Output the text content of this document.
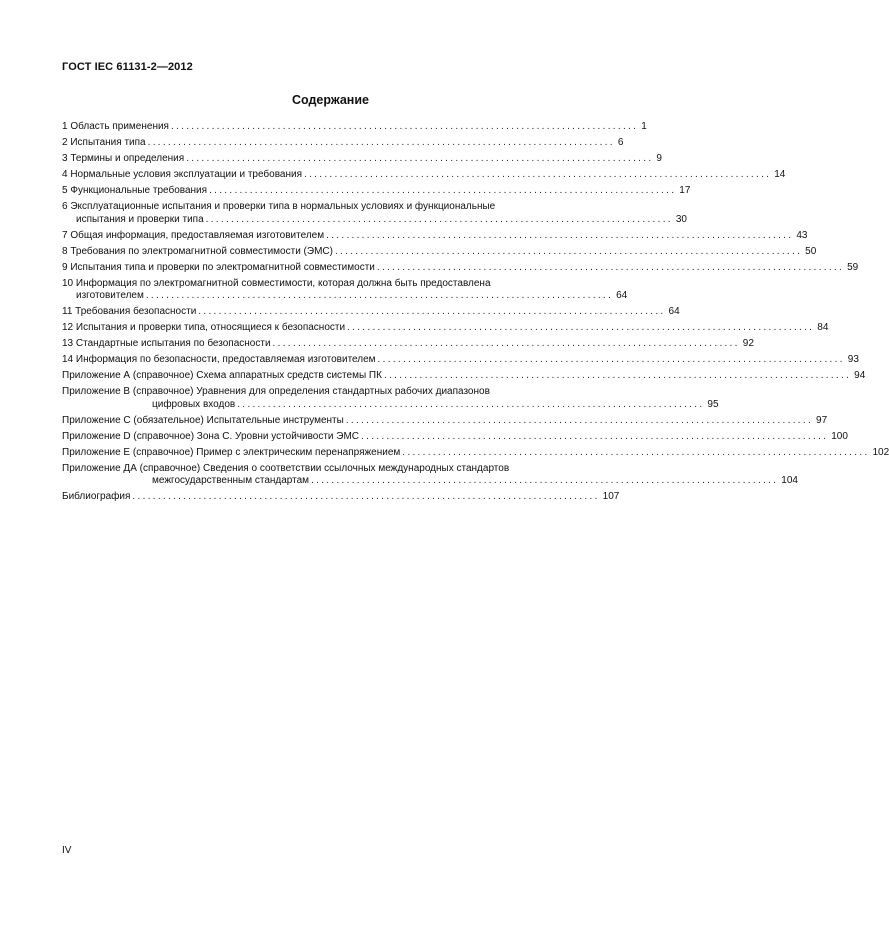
ГОСТ IEC 61131-2—2012
Содержание
1 Область применения ............................................................................................ 1
2 Испытания типа ............................................................................................ 6
3 Термины и определения ............................................................................................ 9
4 Нормальные условия эксплуатации и требования ............................................................................................ 14
5 Функциональные требования ............................................................................................ 17
6 Эксплуатационные испытания и проверки типа в нормальных условиях и функциональные
испытания и проверки типа ............................................................................................ 30
7 Общая информация, предоставляемая изготовителем ............................................................................................ 43
8 Требования по электромагнитной совместимости (ЭМС) ............................................................................................ 50
9 Испытания типа и проверки по электромагнитной совместимости ............................................................................................ 59
10 Информация по электромагнитной совместимости, которая должна быть предоставлена
изготовителем ............................................................................................ 64
11 Требования безопасности ............................................................................................ 64
12 Испытания и проверки типа, относящиеся к безопасности ............................................................................................ 84
13 Стандартные испытания по безопасности ............................................................................................ 92
14 Информация по безопасности, предоставляемая изготовителем ............................................................................................ 93
Приложение А (справочное) Схема аппаратных средств системы ПК ............................................................................................ 94
Приложение В (справочное) Уравнения для определения стандартных рабочих диапазонов
цифровых входов ............................................................................................ 95
Приложение С (обязательное) Испытательные инструменты ............................................................................................ 97
Приложение D (справочное) Зона С. Уровни устойчивости ЭМС ............................................................................................ 100
Приложение Е (справочное) Пример с электрическим перенапряжением ............................................................................................ 102
Приложение ДА (справочное) Сведения о соответствии ссылочных международных стандартов
межгосударственным стандартам ............................................................................................ 104
Библиография ............................................................................................ 107
IV
